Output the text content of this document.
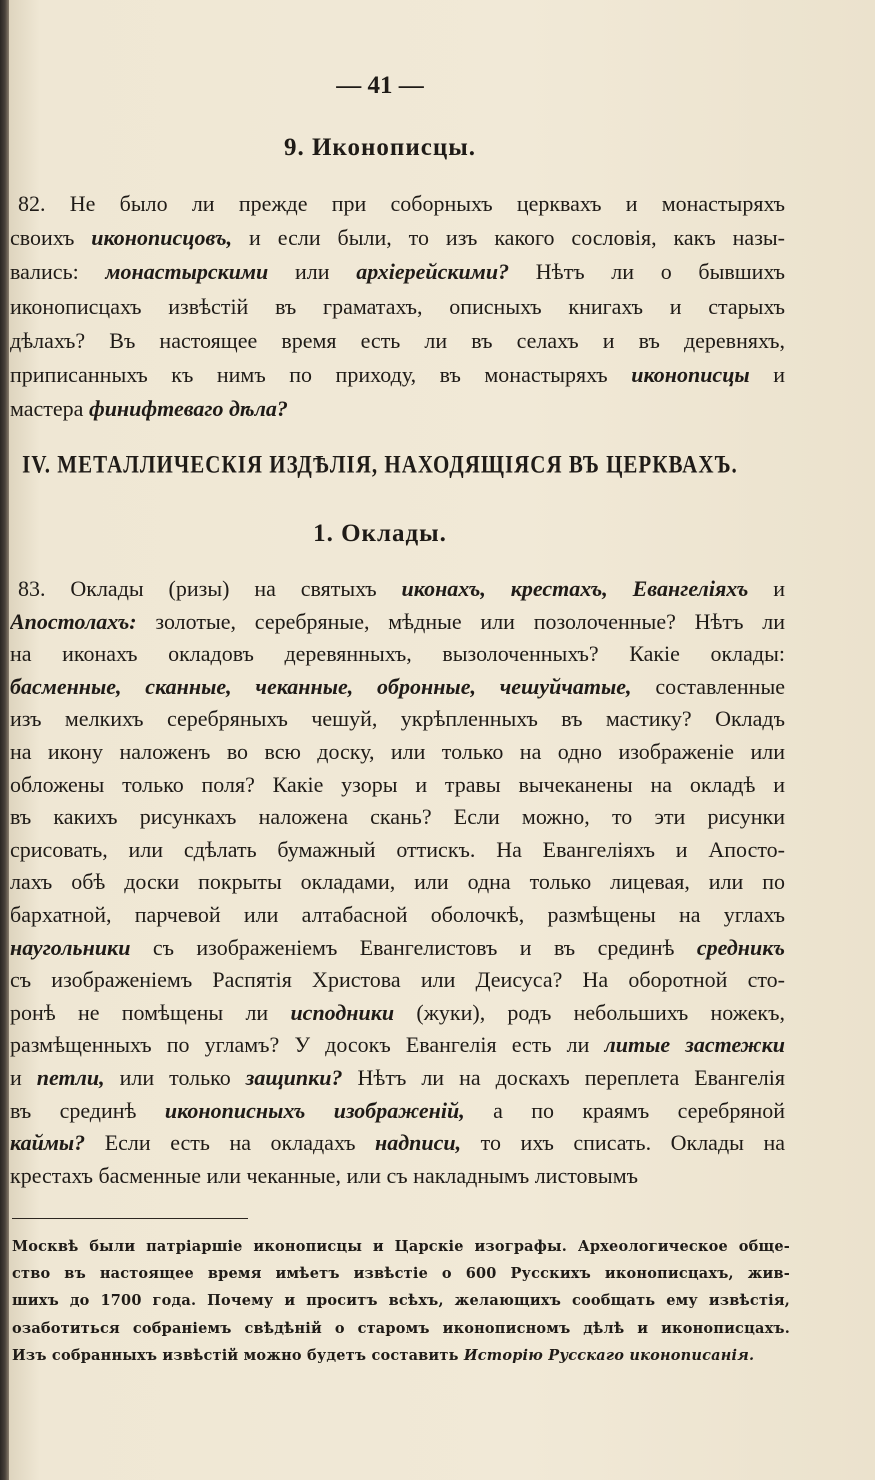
— 41 —
9. Иконописцы.
82. Не было ли прежде при соборныхъ церквахъ и монастыряхъ
своихъ иконописцовъ, и если были, то изъ какого сословія, какъ назы-
вались: монастырскими или архіерейскими? Нѣтъ ли о бывшихъ
иконописцахъ извѣстій въ граматахъ, описныхъ книгахъ и старыхъ
дѣлахъ? Въ настоящее время есть ли въ селахъ и въ деревняхъ,
приписанныхъ къ нимъ по приходу, въ монастыряхъ иконописцы и
мастера финифтеваго дѣла?
IV. МЕТАЛЛИЧЕСКІЯ ИЗДѢЛІЯ, НАХОДЯЩІЯСЯ ВЪ ЦЕРКВАХЪ.
1. Оклады.
83. Оклады (ризы) на святыхъ иконахъ, крестахъ, Евангеліяхъ и
Апостолахъ: золотые, серебряные, мѣдные или позолоченные? Нѣтъ ли
на иконахъ окладовъ деревянныхъ, вызолоченныхъ? Какіе оклады:
басменные, сканные, чеканные, обронные, чешуйчатые, составленные
изъ мелкихъ серебряныхъ чешуй, укрѣпленныхъ въ мастику? Окладъ
на икону наложенъ во всю доску, или только на одно изображеніе или
обложены только поля? Какіе узоры и травы вычеканены на окладѣ и
въ какихъ рисункахъ наложена скань? Если можно, то эти рисунки
срисовать, или сдѣлать бумажный оттискъ. На Евангеліяхъ и Апосто-
лахъ обѣ доски покрыты окладами, или одна только лицевая, или по
бархатной, парчевой или алтабасной оболочкѣ, размѣщены на углахъ
наугольники съ изображеніемъ Евангелистовъ и въ срединѣ средникъ
съ изображеніемъ Распятія Христова или Деисуса? На оборотной сто-
ронѣ не помѣщены ли исподники (жуки), родъ небольшихъ ножекъ,
размѣщенныхъ по угламъ? У досокъ Евангелія есть ли литые застежки
и петли, или только защипки? Нѣтъ ли на доскахъ переплета Евангелія
въ срединѣ иконописныхъ изображеній, а по краямъ серебряной
каймы? Если есть на окладахъ надписи, то ихъ списать. Оклады на
крестахъ басменные или чеканные, или съ накладнымъ листовымъ
Москвѣ были патріаршіе иконописцы и Царскіе изографы. Археологическое обще-
ство въ настоящее время имѣетъ извѣстіе о 600 Русскихъ иконописцахъ, жив-
шихъ до 1700 года. Почему и проситъ всѣхъ, желающихъ сообщать ему извѣстія,
озаботиться собраніемъ свѣдѣній о старомъ иконописномъ дѣлѣ и иконописцахъ.
Изъ собранныхъ извѣстій можно будетъ составить Исторію Русскаго иконописанія.
